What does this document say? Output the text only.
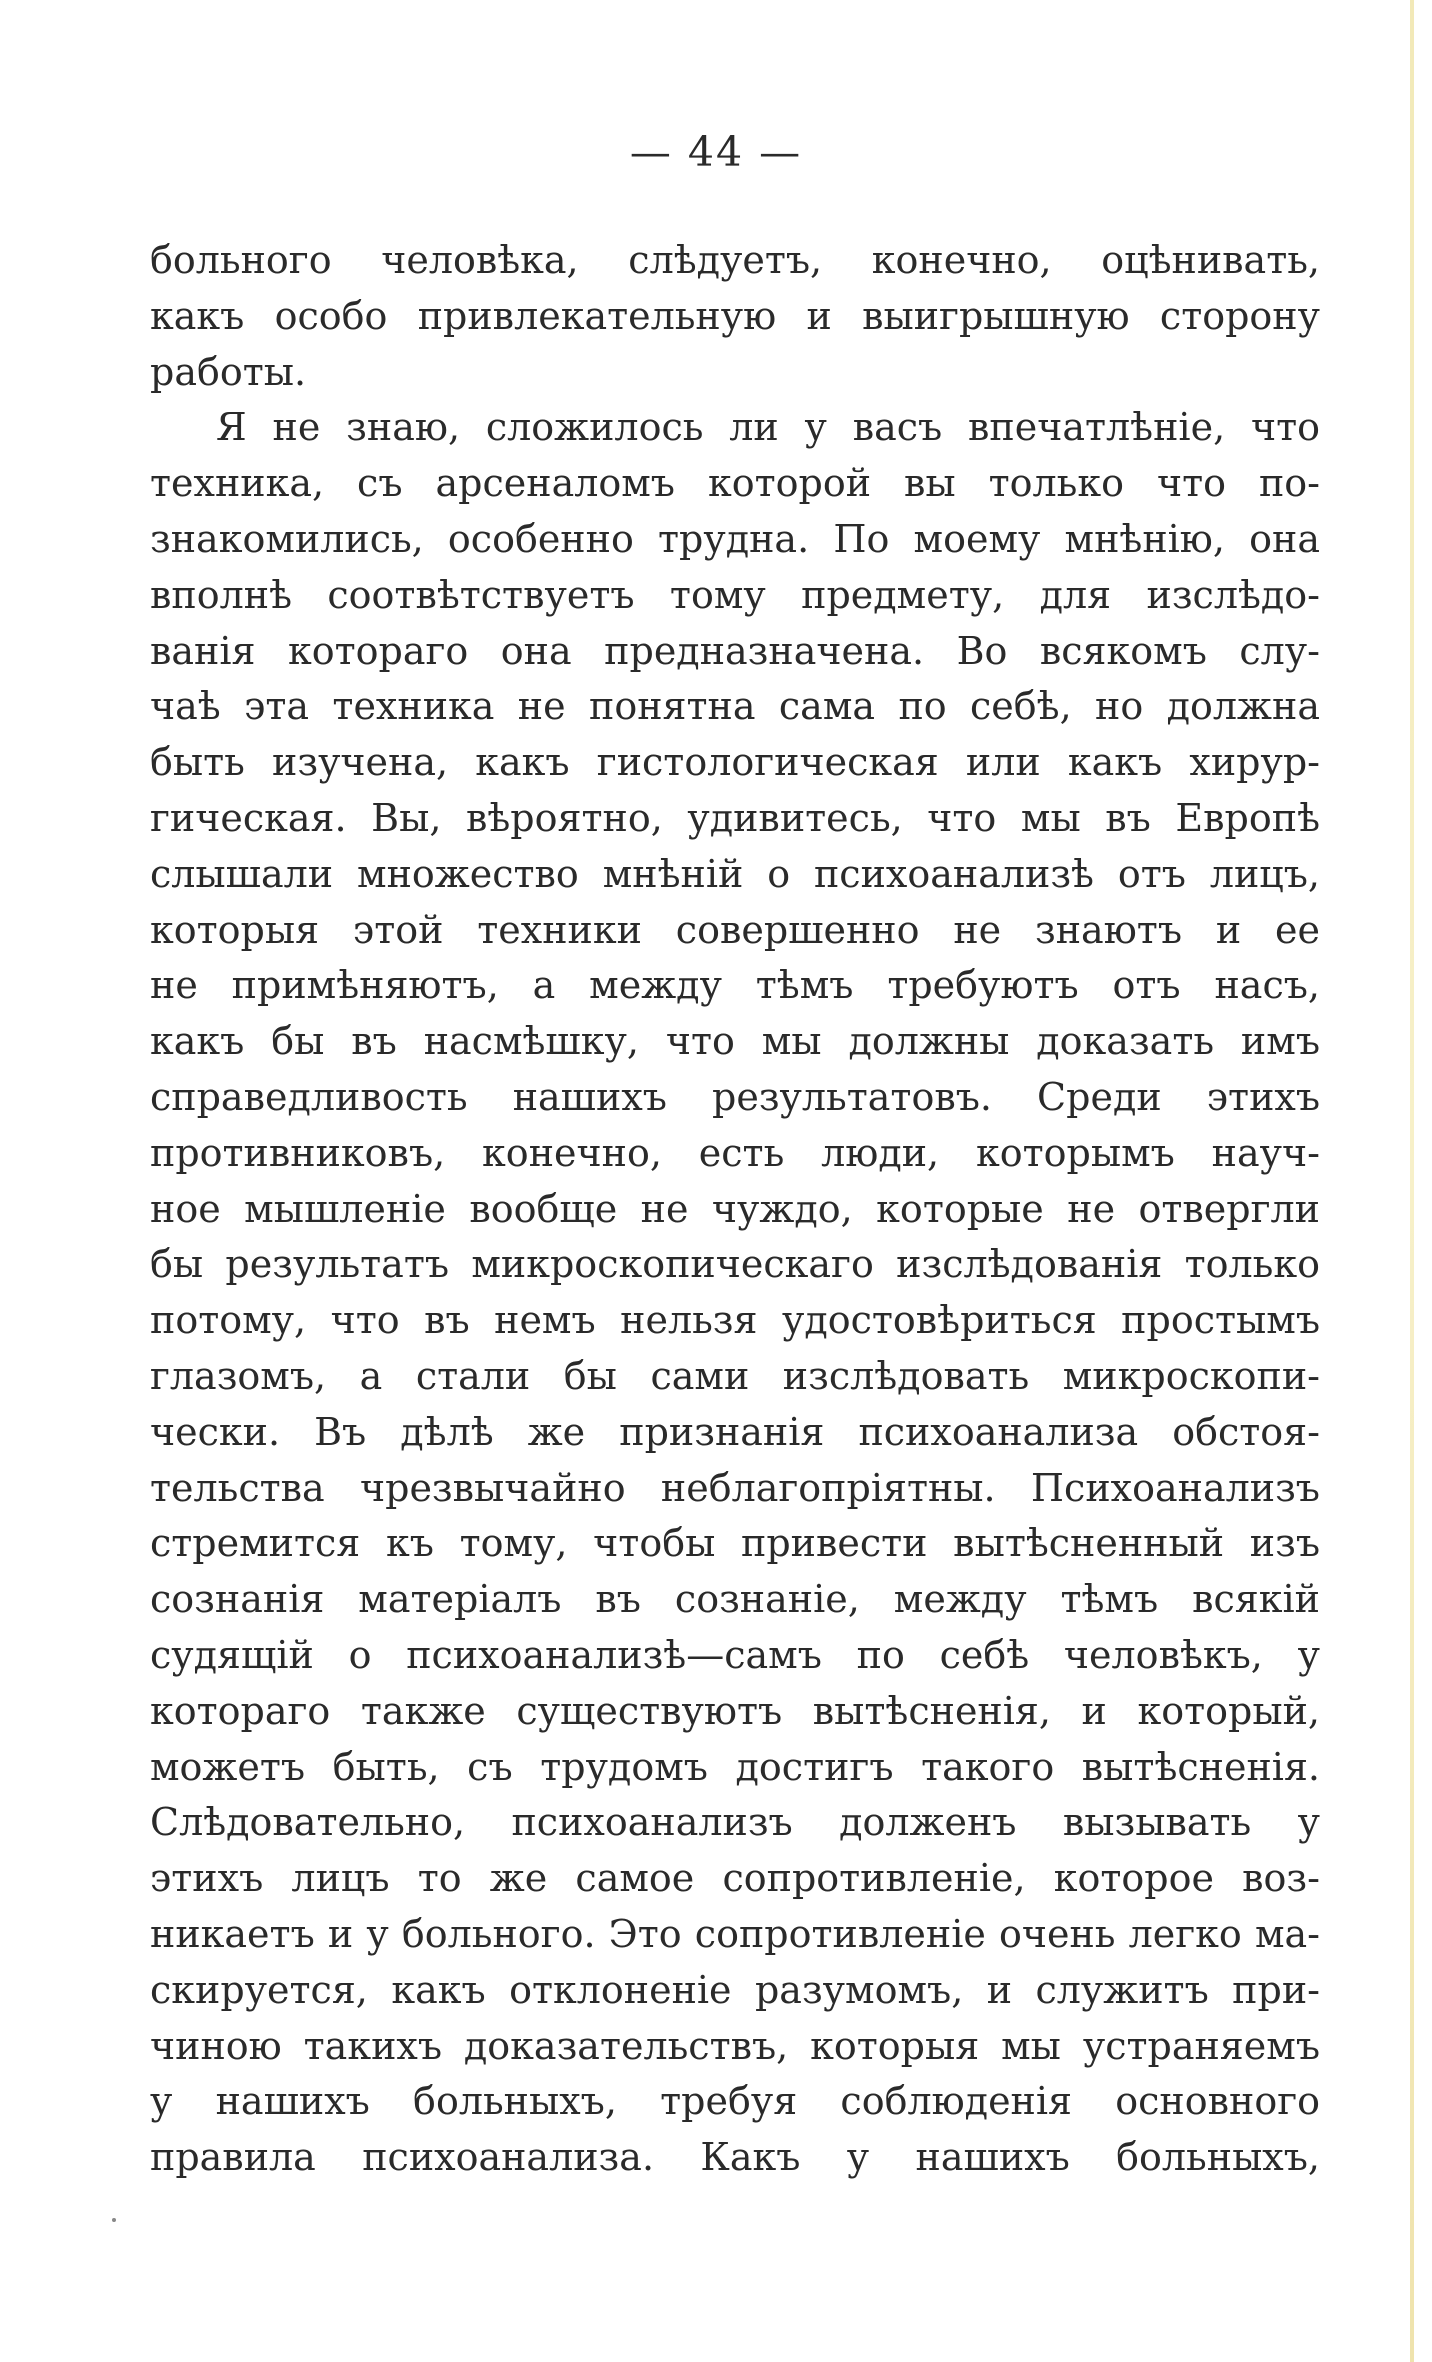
— 44 —
больного человѣка, слѣдуетъ, конечно, оцѣнивать,
какъ особо привлекательную и выигрышную сторону
работы.
Я не знаю, сложилось ли у васъ впечатлѣніе, что
техника, съ арсеналомъ которой вы только что по-
знакомились, особенно трудна. По моему мнѣнію, она
вполнѣ соотвѣтствуетъ тому предмету, для изслѣдо-
ванія котораго она предназначена. Во всякомъ слу-
чаѣ эта техника не понятна сама по себѣ, но должна
быть изучена, какъ гистологическая или какъ хирур-
гическая. Вы, вѣроятно, удивитесь, что мы въ Европѣ
слышали множество мнѣній о психоанализѣ отъ лицъ,
которыя этой техники совершенно не знаютъ и ее
не примѣняютъ, а между тѣмъ требуютъ отъ насъ,
какъ бы въ насмѣшку, что мы должны доказать имъ
справедливость нашихъ результатовъ. Среди этихъ
противниковъ, конечно, есть люди, которымъ науч-
ное мышленіе вообще не чуждо, которые не отвергли
бы результатъ микроскопическаго изслѣдованія только
потому, что въ немъ нельзя удостовѣриться простымъ
глазомъ, а стали бы сами изслѣдовать микроскопи-
чески. Въ дѣлѣ же признанія психоанализа обстоя-
тельства чрезвычайно неблагопріятны. Психоанализъ
стремится къ тому, чтобы привести вытѣсненный изъ
сознанія матеріалъ въ сознаніе, между тѣмъ всякій
судящій о психоанализѣ—самъ по себѣ человѣкъ, у
котораго также существуютъ вытѣсненія, и который,
можетъ быть, съ трудомъ достигъ такого вытѣсненія.
Слѣдовательно, психоанализъ долженъ вызывать у
этихъ лицъ то же самое сопротивленіе, которое воз-
никаетъ и у больного. Это сопротивленіе очень легко ма-
скируется, какъ отклоненіе разумомъ, и служитъ при-
чиною такихъ доказательствъ, которыя мы устраняемъ
у нашихъ больныхъ, требуя соблюденія основного
правила психоанализа. Какъ у нашихъ больныхъ,
